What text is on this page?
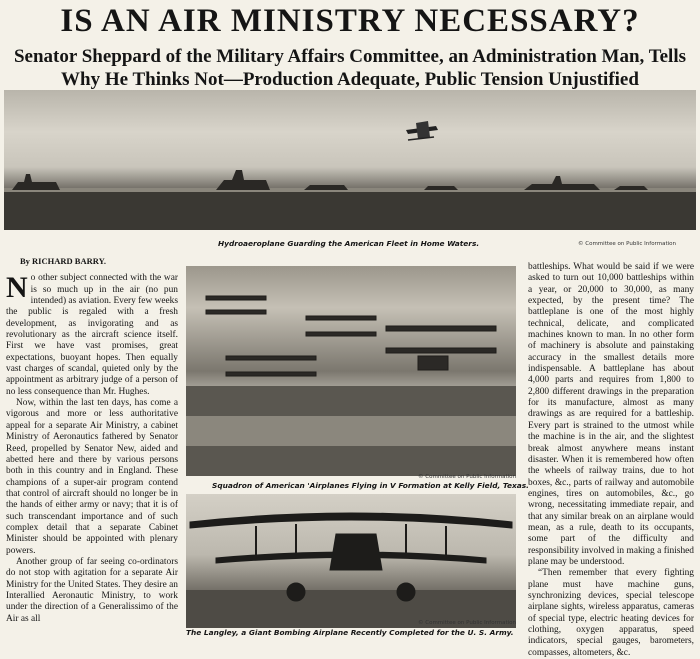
IS AN AIR MINISTRY NECESSARY?
Senator Sheppard of the Military Affairs Committee, an Administration Man, Tells Why He Thinks Not—Production Adequate, Public Tension Unjustified
Hydroaeroplane Guarding the American Fleet in Home Waters.	© Committee on Public Information
By RICHARD BARRY.

No other subject connected with the war is so much up in the air (no pun intended) as aviation. Every few weeks the public is regaled with a fresh development, as invigorating and as revolutionary as the aircraft science itself. First we have vast promises, great expectations, buoyant hopes. Then equally vast charges of scandal, quieted only by the appointment as arbitrary judge of a person of no less consequence than Mr. Hughes.

Now, within the last ten days, has come a vigorous and more or less authoritative appeal for a separate Air Ministry, a cabinet Ministry of Aeronautics fathered by Senator Reed, propelled by Senator New, aided and abetted here and there by various persons both in this country and in England. These champions of a super-air program contend that control of aircraft should no longer be in the hands of either army or navy; that it is of such transcendant importance and of such complex detail that a separate Cabinet Minister should be appointed with plenary powers.

Another group of far seeing co-ordinators do not stop with agitation for a separate Air Ministry for the United States. They desire an Interallied Aeronautic Ministry, to work under the direction of a Generalissimo of the Air as all

© Committee on Public Information
Squadron of American 'Airplanes Flying in V Formation at Kelly Field, Texas.
© Committee on Public Information
The Langley, a Giant Bombing Airplane Recently Completed for the U. S. Army.

battleships. What would be said if we were asked to turn out 10,000 battleships within a year, or 20,000 to 30,000, as many expected, by the present time? The battleplane is one of the most highly technical, delicate, and complicated machines known to man. In no other form of machinery is absolute and painstaking accuracy in the smallest details more indispensable. A battleplane has about 4,000 parts and requires from 1,800 to 2,800 different drawings in the preparation for its manufacture, almost as many drawings as are required for a battleship. Every part is strained to the utmost while the machine is in the air, and the slightest break almost anywhere means instant disaster. When it is remembered how often the wheels of railway trains, due to hot boxes, &c., parts of railway and automobile engines, tires on automobiles, &c., go wrong, necessitating immediate repair, and that any similar break on an airplane would mean, as a rule, death to its occupants, some part of the difficulty and responsibility involved in making a finished plane may be understood.

“Then remember that every fighting plane must have machine guns, synchronizing devices, special telescope airplane sights, wireless apparatus, cameras of special type, electric heating devices for clothing, oxygen apparatus, speed indicators, special gauges, barometers, compasses, altometers, &c.
